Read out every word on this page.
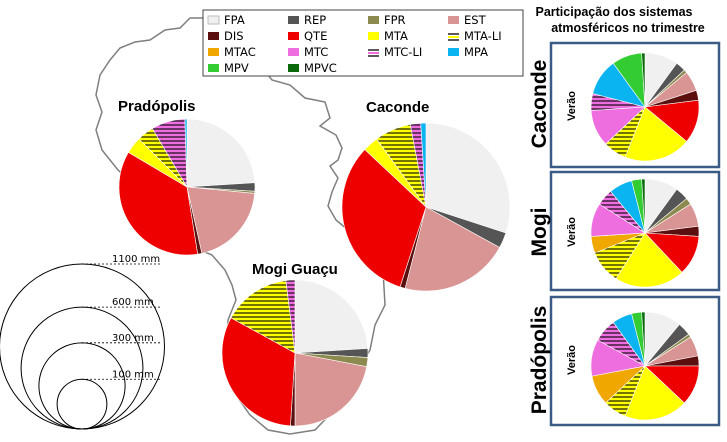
FPA	REP	FPR	EST
DIS	QTE	MTA	MTA-LI
MTAC	MTC	MTC-LI	MPA
MPV	MPVC
Participação dos sistemas
atmosféricos no trimestre
Pradópolis	Caconde
Mogi Guaçu
1100 mm
600 mm
300 mm
100 mm
Caconde
Mogi
Pradópolis
Verão
Verão
Verão
